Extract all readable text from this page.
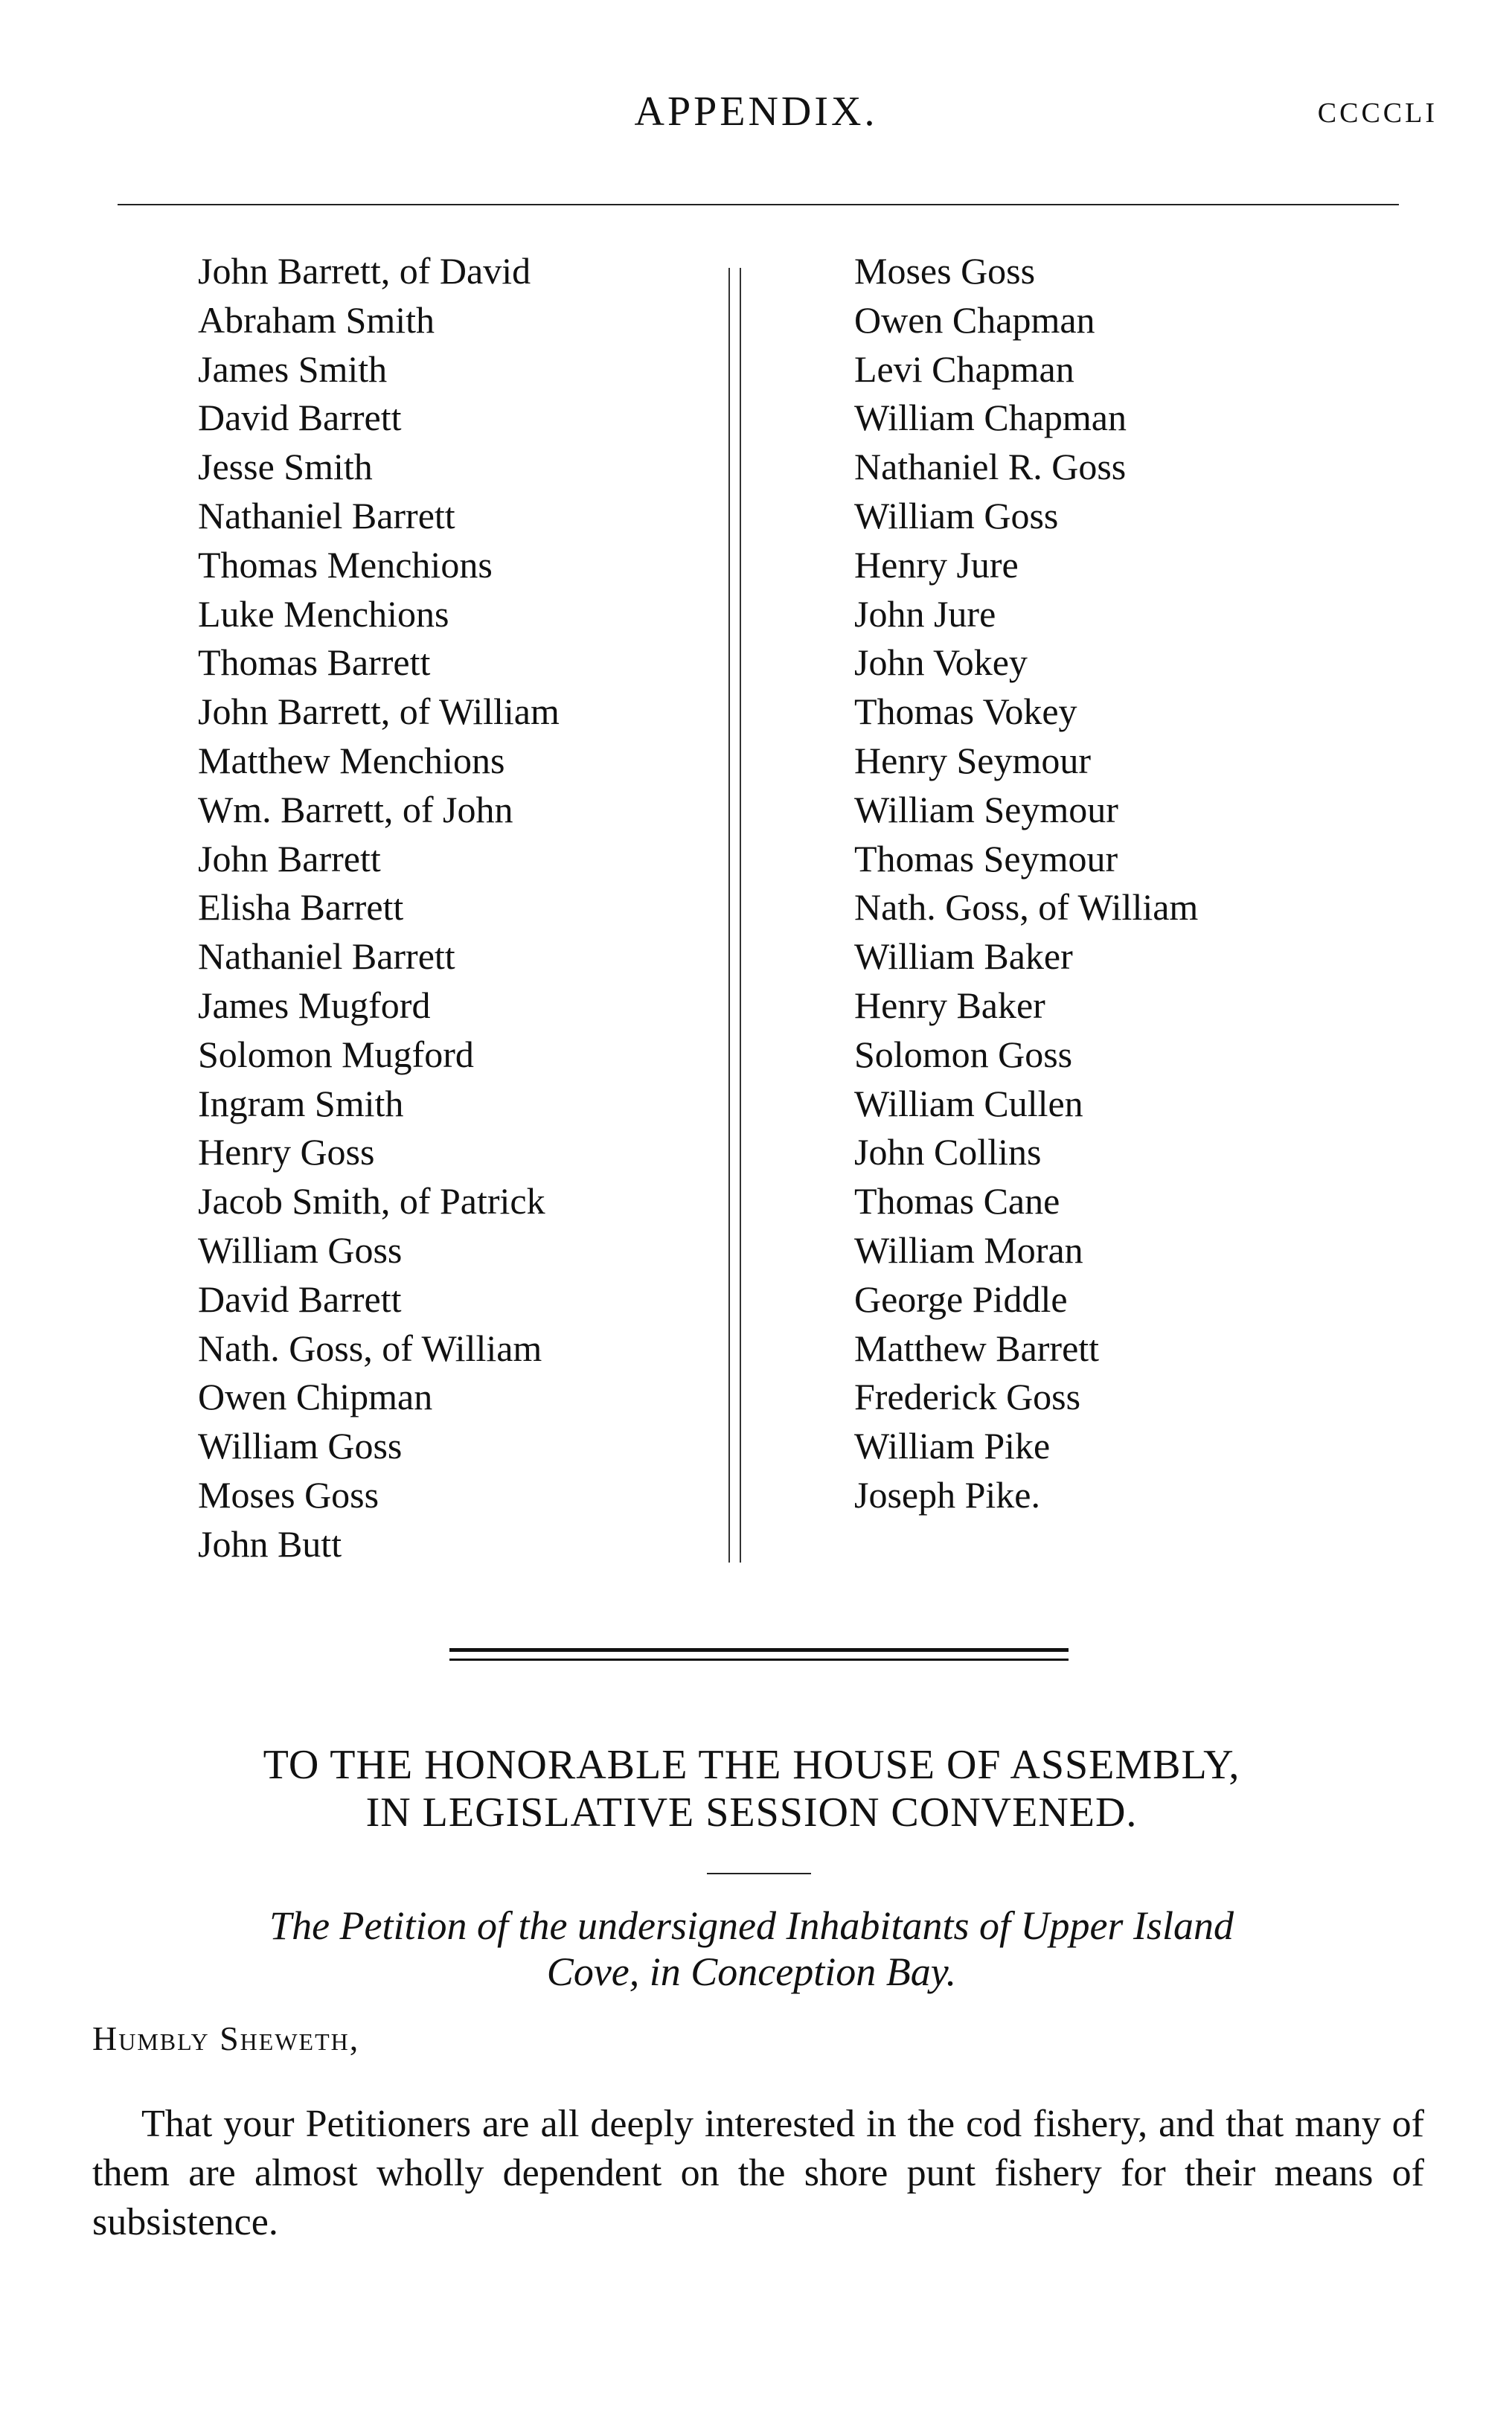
APPENDIX.	CCCCLI
John Barrett, of David
Abraham Smith
James Smith
David Barrett
Jesse Smith
Nathaniel Barrett
Thomas Menchions
Luke Menchions
Thomas Barrett
John Barrett, of William
Matthew Menchions
Wm. Barrett, of John
John Barrett
Elisha Barrett
Nathaniel Barrett
James Mugford
Solomon Mugford
Ingram Smith
Henry Goss
Jacob Smith, of Patrick
William Goss
David Barrett
Nath. Goss, of William
Owen Chipman
William Goss
Moses Goss
John Butt
Moses Goss
Owen Chapman
Levi Chapman
William Chapman
Nathaniel R. Goss
William Goss
Henry Jure
John Jure
John Vokey
Thomas Vokey
Henry Seymour
William Seymour
Thomas Seymour
Nath. Goss, of William
William Baker
Henry Baker
Solomon Goss
William Cullen
John Collins
Thomas Cane
William Moran
George Piddle
Matthew Barrett
Frederick Goss
William Pike
Joseph Pike.
TO THE HONORABLE THE HOUSE OF ASSEMBLY,
IN LEGISLATIVE SESSION CONVENED.
The Petition of the undersigned Inhabitants of Upper Island
Cove, in Conception Bay.
Humbly Sheweth,

That your Petitioners are all deeply interested in the cod fishery, and that many of them are almost wholly dependent on the shore punt fishery for their means of subsistence.
